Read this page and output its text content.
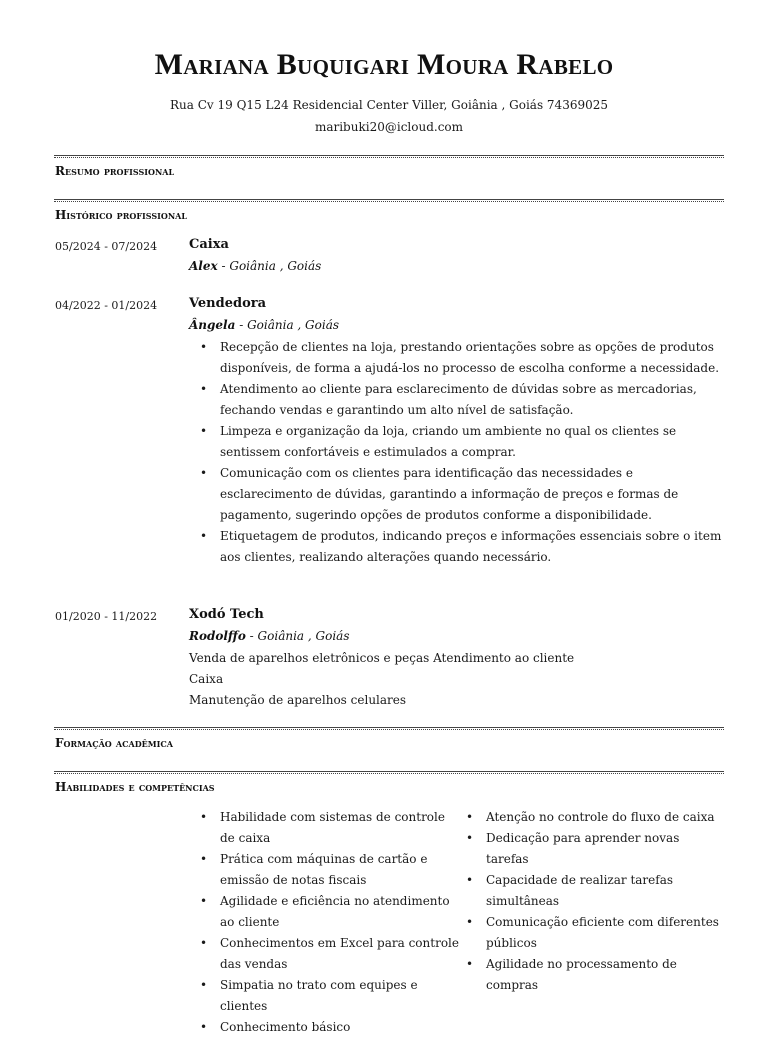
Mariana Buquigari Moura Rabelo
Rua Cv 19 Q15 L24 Residencial Center Viller, Goiânia , Goiás 74369025
maribuki20@icloud.com
Resumo profissional
Histórico profissional
05/2024 - 07/2024 Caixa
Alex - Goiânia , Goiás
04/2022 - 01/2024 Vendedora
Ângela - Goiânia , Goiás
• Recepção de clientes na loja, prestando orientações sobre as opções de produtos disponíveis, de forma a ajudá-los no processo de escolha conforme a necessidade.
• Atendimento ao cliente para esclarecimento de dúvidas sobre as mercadorias, fechando vendas e garantindo um alto nível de satisfação.
• Limpeza e organização da loja, criando um ambiente no qual os clientes se sentissem confortáveis e estimulados a comprar.
• Comunicação com os clientes para identificação das necessidades e esclarecimento de dúvidas, garantindo a informação de preços e formas de pagamento, sugerindo opções de produtos conforme a disponibilidade.
• Etiquetagem de produtos, indicando preços e informações essenciais sobre o item aos clientes, realizando alterações quando necessário.
01/2020 - 11/2022 Xodó Tech
Rodolffo - Goiânia , Goiás
Venda de aparelhos eletrônicos e peças Atendimento ao cliente
Caixa
Manutenção de aparelhos celulares
Formação acadêmica
Habilidades e competências
• Habilidade com sistemas de controle de caixa
• Prática com máquinas de cartão e emissão de notas fiscais
• Agilidade e eficiência no atendimento ao cliente
• Conhecimentos em Excel para controle das vendas
• Simpatia no trato com equipes e clientes
• Conhecimento básico
• Atenção no controle do fluxo de caixa
• Dedicação para aprender novas tarefas
• Capacidade de realizar tarefas simultâneas
• Comunicação eficiente com diferentes públicos
• Agilidade no processamento de compras
